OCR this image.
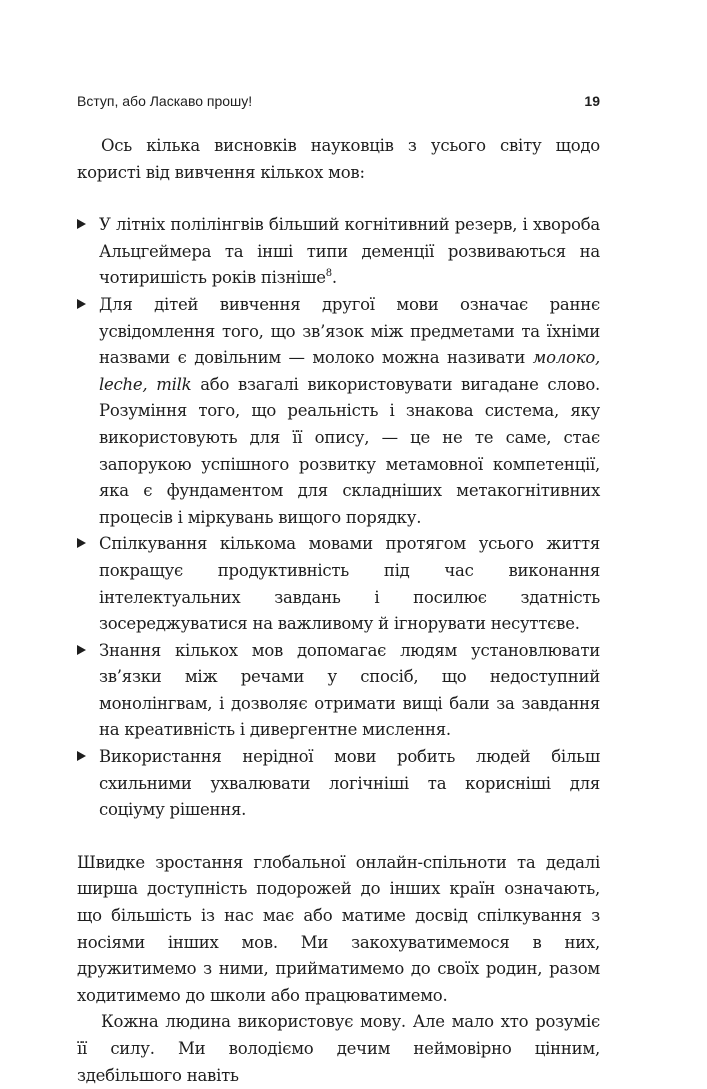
Вступ, або Ласкаво прошу!	19

Ось кілька висновків науковців з усього світу щодо користі від вивчення кількох мов:

У літніх полілінгвів більший когнітивний резерв, і хвороба Альцгеймера та інші типи деменції розвиваються на чотиришість років пізніше$^8$.
Для дітей вивчення другої мови означає раннє усвідомлення того, що зв’язок між предметами та їхніми назвами є довільним — молоко можна називати молоко, leche, milk або взагалі використовувати вигадане слово. Розуміння того, що реальність і знакова система, яку використовують для її опису, — це не те саме, стає запорукою успішного розвитку метамовної компетенції, яка є фундаментом для складніших метакогнітивних процесів і міркувань вищого порядку.
Спілкування кількома мовами протягом усього життя покращує продуктивність під час виконання інтелектуальних завдань і посилює здатність зосереджуватися на важливому й ігнорувати несуттєве.
Знання кількох мов допомагає людям установлювати зв’язки між речами у спосіб, що недоступний монолінгвам, і дозволяє отримати вищі бали за завдання на креативність і дивергентне мислення.
Використання нерідної мови робить людей більш схильними ухвалювати логічніші та корисніші для соціуму рішення.

Швидке зростання глобальної онлайн-спільноти та дедалі ширша доступність подорожей до інших країн означають, що більшість із нас має або матиме досвід спілкування з носіями інших мов. Ми закохуватимемося в них, дружитимемо з ними, прийматимемо до своїх родин, разом ходитимемо до школи або працюватимемо.

Кожна людина використовує мову. Але мало хто розуміє її силу. Ми володіємо дечим неймовірно цінним, здебільшого навіть
